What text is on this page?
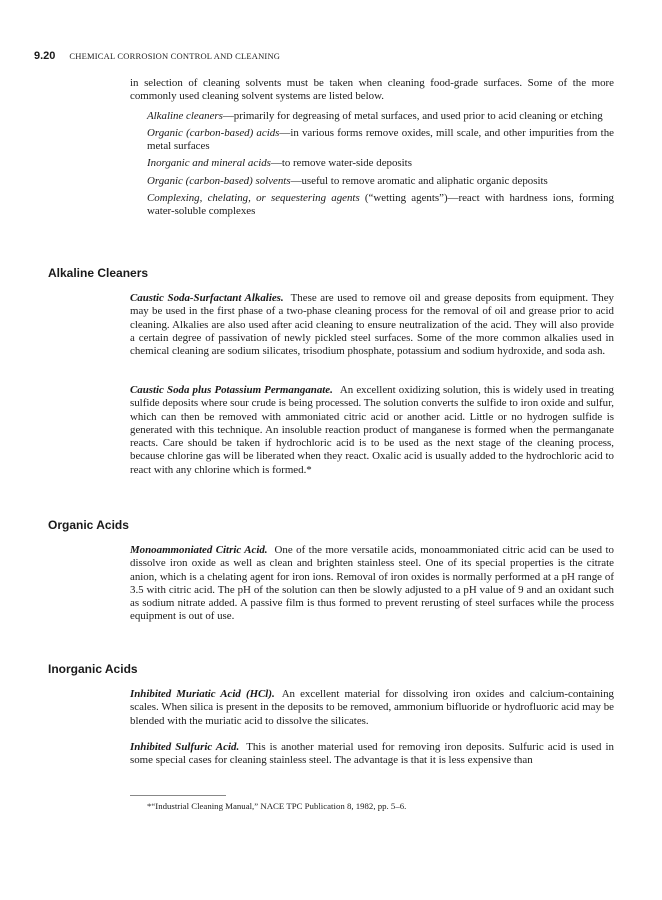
9.20 CHEMICAL CORROSION CONTROL AND CLEANING

in selection of cleaning solvents must be taken when cleaning food-grade surfaces. Some of the more commonly used cleaning solvent systems are listed below.

Alkaline cleaners—primarily for degreasing of metal surfaces, and used prior to acid cleaning or etching
Organic (carbon-based) acids—in various forms remove oxides, mill scale, and other impurities from the metal surfaces
Inorganic and mineral acids—to remove water-side deposits
Organic (carbon-based) solvents—useful to remove aromatic and aliphatic organic deposits
Complexing, chelating, or sequestering agents (“wetting agents”)—react with hardness ions, forming water-soluble complexes
Alkaline Cleaners

Caustic Soda-Surfactant Alkalies. These are used to remove oil and grease deposits from equipment. They may be used in the first phase of a two-phase cleaning process for the removal of oil and grease prior to acid cleaning. Alkalies are also used after acid cleaning to ensure neutralization of the acid. They will also provide a certain degree of passivation of newly pickled steel surfaces. Some of the more common alkalies used in chemical cleaning are sodium silicates, trisodium phosphate, potassium and sodium hydroxide, and soda ash.

Caustic Soda plus Potassium Permanganate. An excellent oxidizing solution, this is widely used in treating sulfide deposits where sour crude is being processed. The solution converts the sulfide to iron oxide and sulfur, which can then be removed with ammoniated citric acid or another acid. Little or no hydrogen sulfide is generated with this technique. An insoluble reaction product of manganese is formed when the permanganate reacts. Care should be taken if hydrochloric acid is to be used as the next stage of the cleaning process, because chlorine gas will be liberated when they react. Oxalic acid is usually added to the hydrochloric acid to react with any chlorine which is formed.*

Organic Acids

Monoammoniated Citric Acid. One of the more versatile acids, monoammoniated citric acid can be used to dissolve iron oxide as well as clean and brighten stainless steel. One of its special properties is the citrate anion, which is a chelating agent for iron ions. Removal of iron oxides is normally performed at a pH range of 3.5 with citric acid. The pH of the solution can then be slowly adjusted to a pH value of 9 and an oxidant such as sodium nitrate added. A passive film is thus formed to prevent rerusting of steel surfaces while the process equipment is out of use.

Inorganic Acids

Inhibited Muriatic Acid (HCl). An excellent material for dissolving iron oxides and calcium-containing scales. When silica is present in the deposits to be removed, ammonium bifluoride or hydrofluoric acid may be blended with the muriatic acid to dissolve the silicates.

Inhibited Sulfuric Acid. This is another material used for removing iron deposits. Sulfuric acid is used in some special cases for cleaning stainless steel. The advantage is that it is less expensive than

*“Industrial Cleaning Manual,” NACE TPC Publication 8, 1982, pp. 5–6.
